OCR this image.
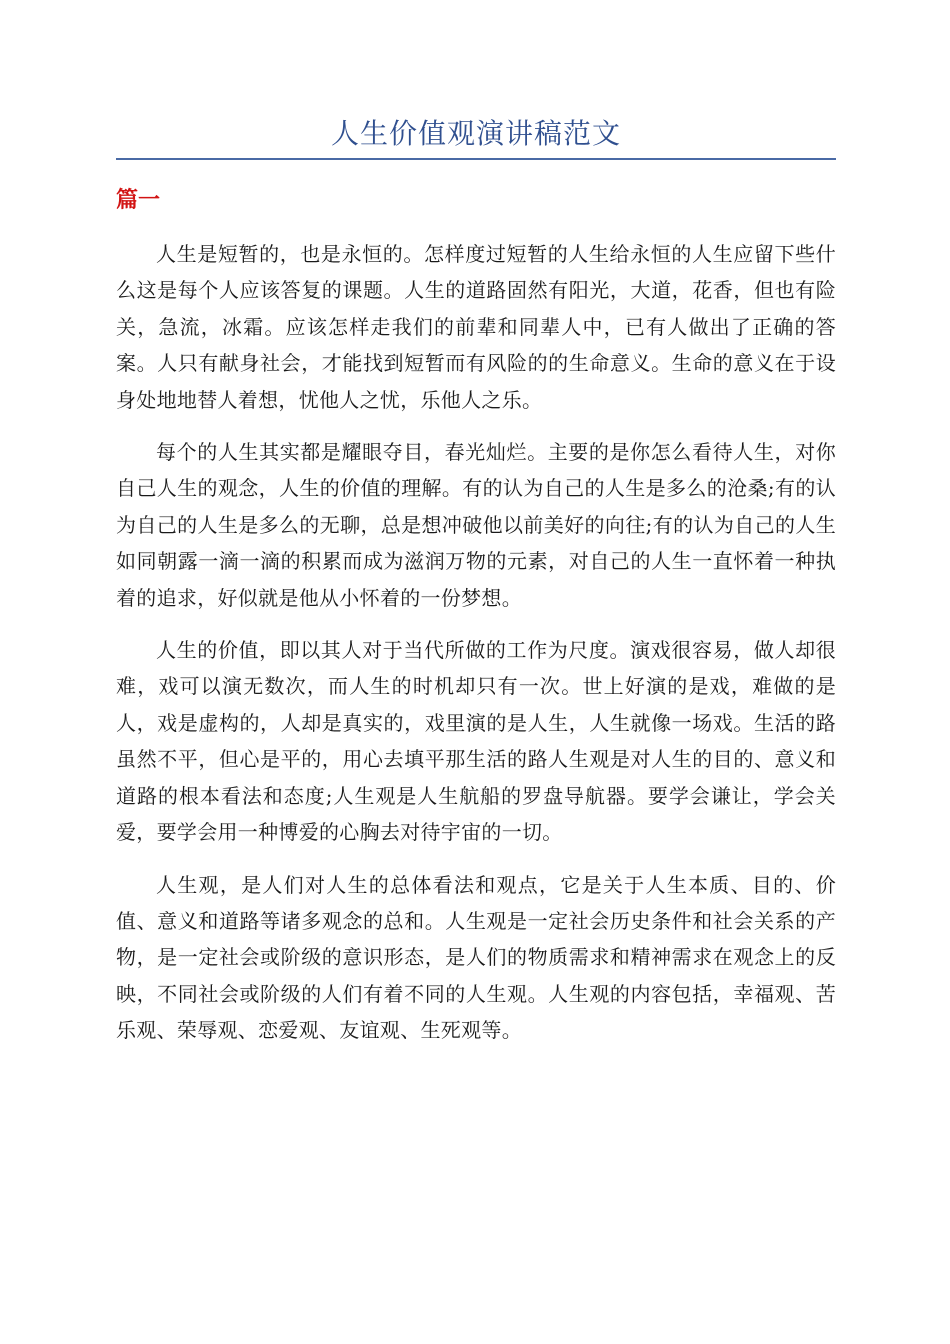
人生价值观演讲稿范文
篇一

人生是短暂的，也是永恒的。怎样度过短暂的人生给永恒的人生应留下些什么这是每个人应该答复的课题。人生的道路固然有阳光，大道，花香，但也有险关，急流，冰霜。应该怎样走我们的前辈和同辈人中，已有人做出了正确的答案。人只有献身社会，才能找到短暂而有风险的的生命意义。生命的意义在于设身处地地替人着想，忧他人之忧，乐他人之乐。

每个的人生其实都是耀眼夺目，春光灿烂。主要的是你怎么看待人生，对你自己人生的观念，人生的价值的理解。有的认为自己的人生是多么的沧桑;有的认为自己的人生是多么的无聊，总是想冲破他以前美好的向往;有的认为自己的人生如同朝露一滴一滴的积累而成为滋润万物的元素，对自己的人生一直怀着一种执着的追求，好似就是他从小怀着的一份梦想。

人生的价值，即以其人对于当代所做的工作为尺度。演戏很容易，做人却很难，戏可以演无数次，而人生的时机却只有一次。世上好演的是戏，难做的是人，戏是虚构的，人却是真实的，戏里演的是人生，人生就像一场戏。生活的路虽然不平，但心是平的，用心去填平那生活的路人生观是对人生的目的、意义和道路的根本看法和态度;人生观是人生航船的罗盘导航器。要学会谦让，学会关爱，要学会用一种博爱的心胸去对待宇宙的一切。

人生观，是人们对人生的总体看法和观点，它是关于人生本质、目的、价值、意义和道路等诸多观念的总和。人生观是一定社会历史条件和社会关系的产物，是一定社会或阶级的意识形态，是人们的物质需求和精神需求在观念上的反映，不同社会或阶级的人们有着不同的人生观。人生观的内容包括，幸福观、苦乐观、荣辱观、恋爱观、友谊观、生死观等。
